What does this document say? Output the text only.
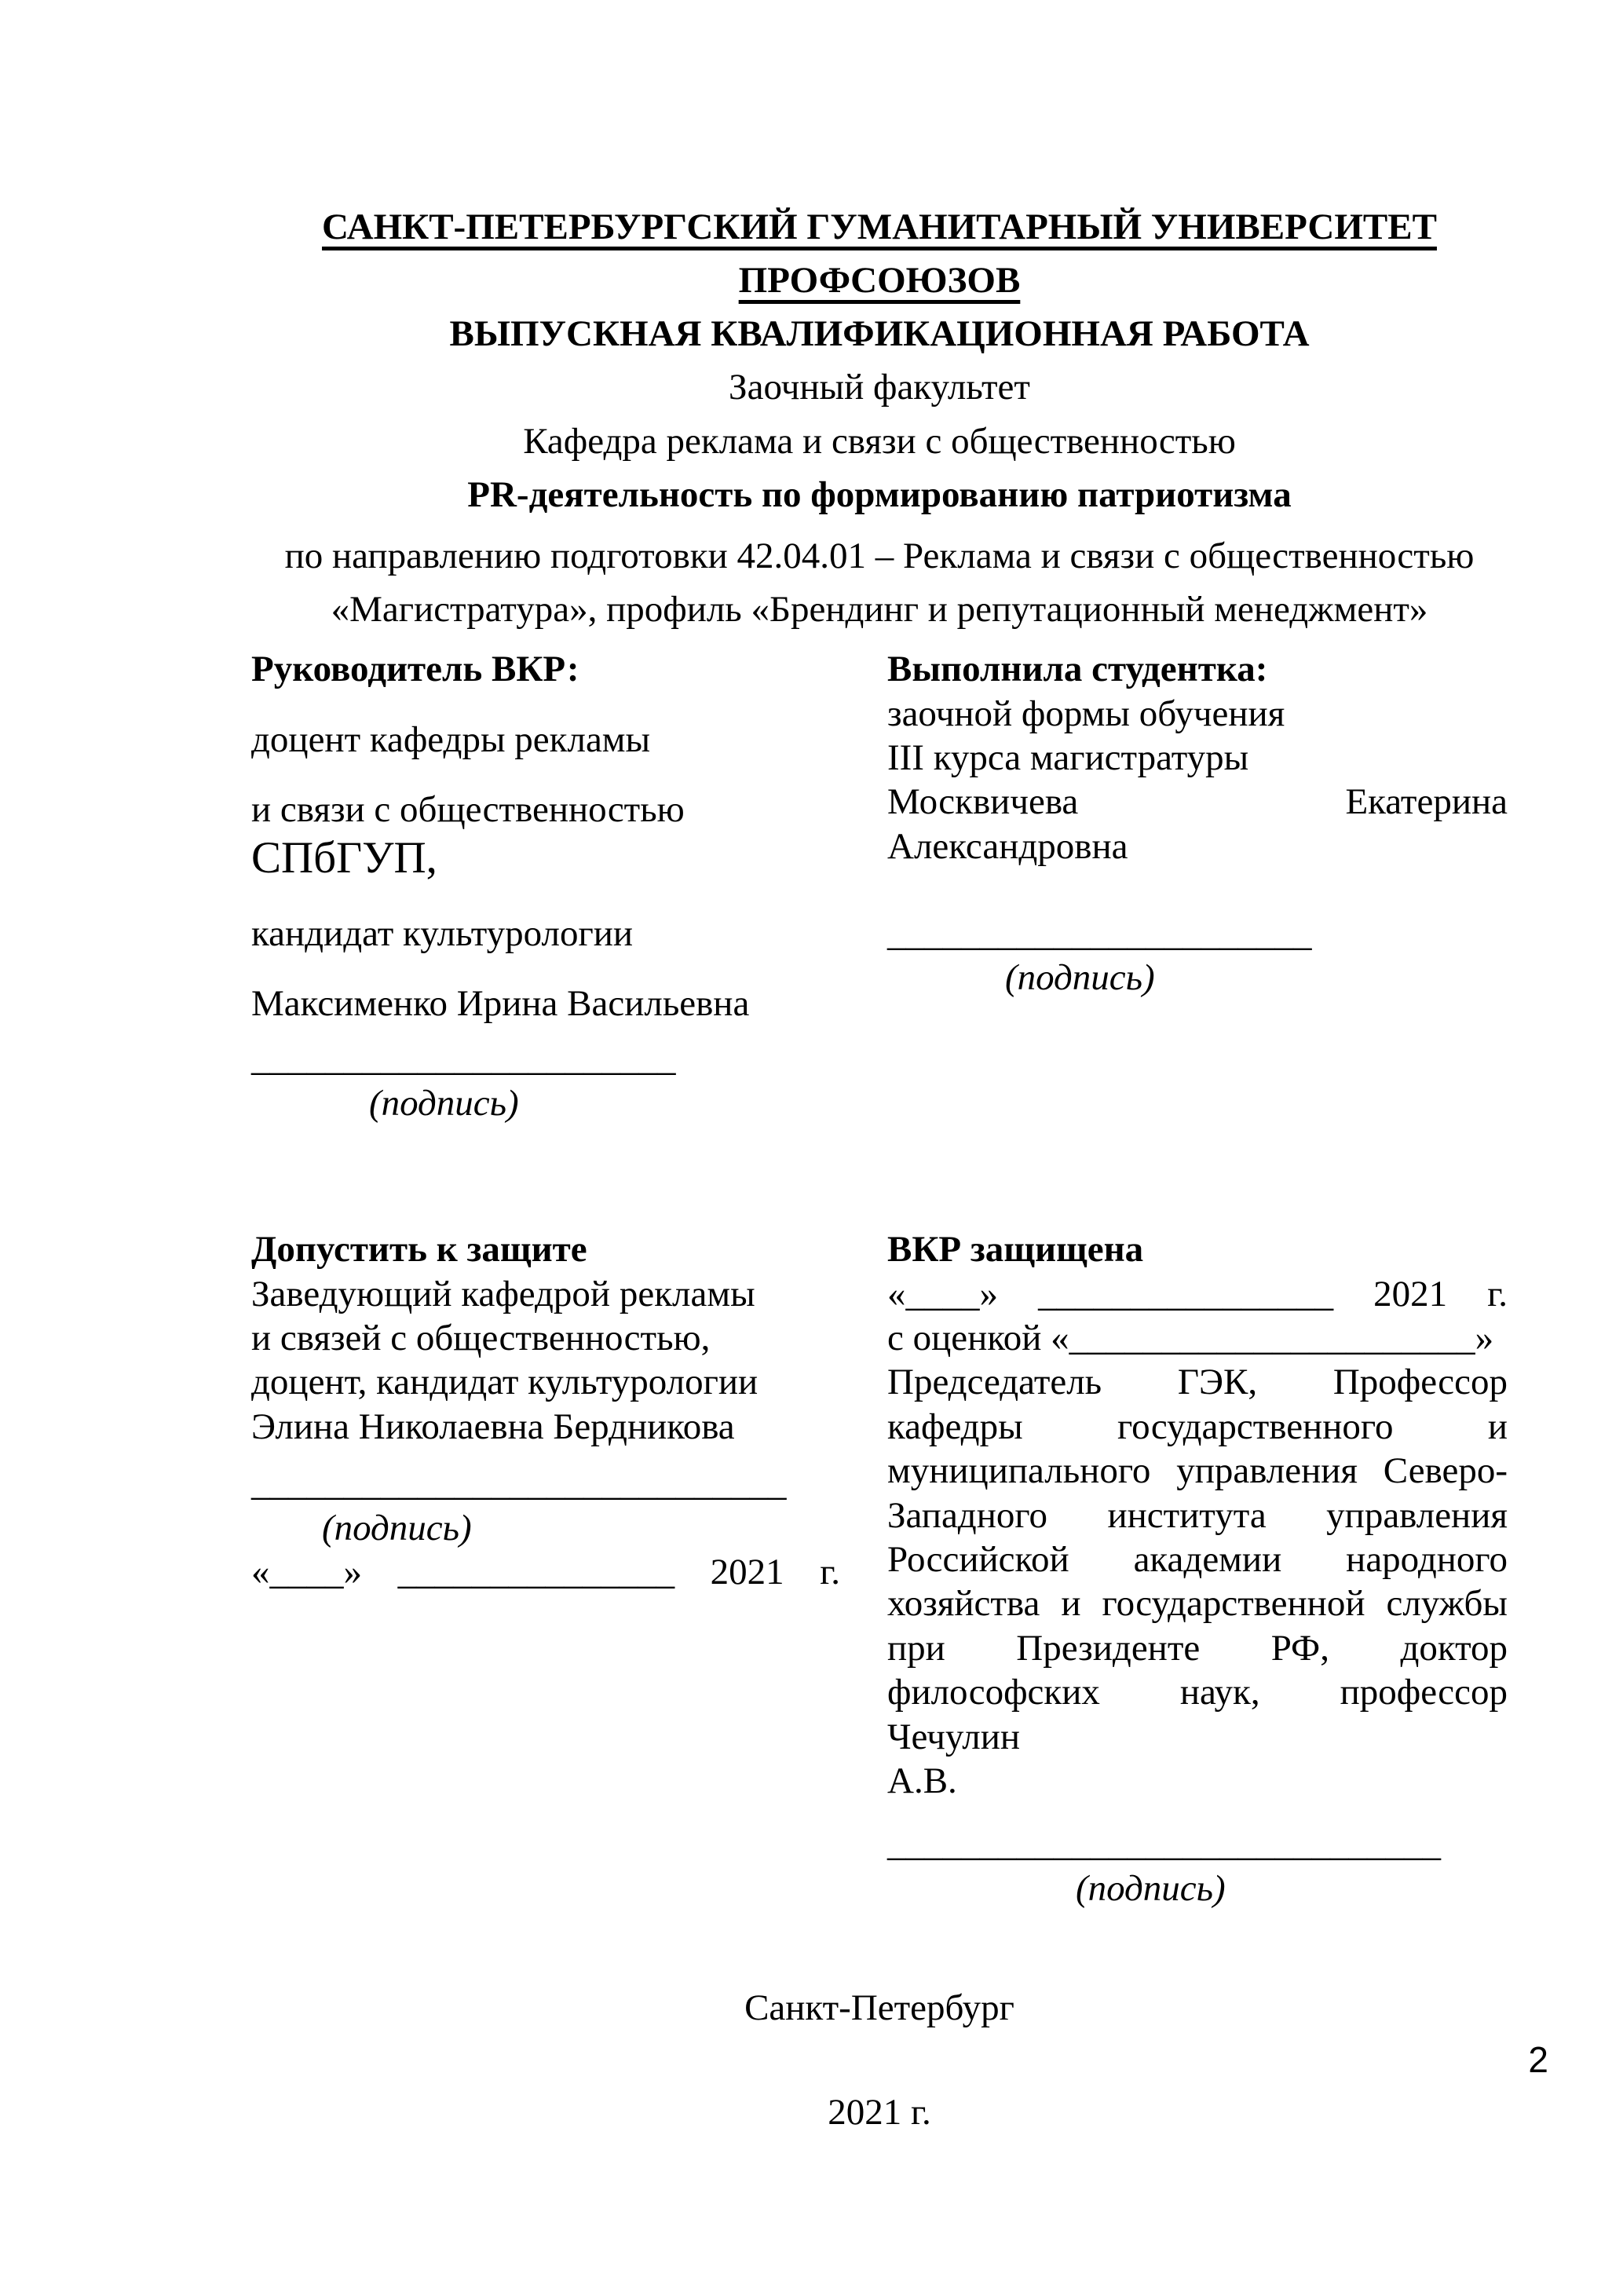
САНКТ-ПЕТЕРБУРГСКИЙ ГУМАНИТАРНЫЙ УНИВЕРСИТЕТ
ПРОФСОЮЗОВ
ВЫПУСКНАЯ КВАЛИФИКАЦИОННАЯ РАБОТА
Заочный факультет
Кафедра реклама и связи с общественностью
PR-деятельность по формированию патриотизма
по направлению подготовки 42.04.01 – Реклама и связи с общественностью
«Магистратура», профиль «Брендинг и репутационный менеджмент»
Руководитель ВКР:
доцент кафедры рекламы
и связи с общественностью СПбГУП,
кандидат культурологии
Максименко Ирина Васильевна
_______________________
(подпись)
Выполнила студентка:
заочной формы обучения
III курса магистратуры
Москвичева	Екатерина
Александровна
_______________________
(подпись)
Допустить к защите
Заведующий кафедрой рекламы
и связей с общественностью,
доцент, кандидат культурологии
Элина Николаевна Бердникова
_____________________________
(подпись)
«____» _______________ 2021 г.
ВКР защищена
«____» ________________ 2021 г.
с оценкой «______________________»
Председатель ГЭК, Профессор
кафедры государственного и
муниципального управления Северо-
Западного института управления
Российской академии народного
хозяйства и государственной службы
при Президенте РФ, доктор
философских наук, профессор Чечулин
А.В.
______________________________
(подпись)
Санкт-Петербург
2021 г.
2
